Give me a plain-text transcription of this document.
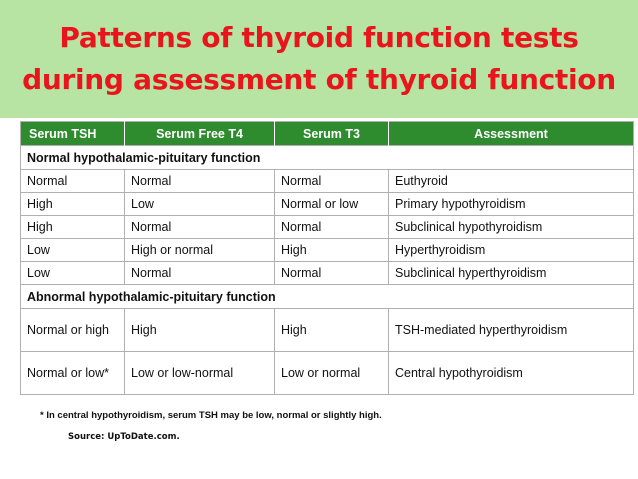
Patterns of thyroid function tests
during assessment of thyroid function
Serum TSH	Serum Free T4	Serum T3	Assessment
Normal hypothalamic-pituitary function			
Normal	Normal	Normal	Euthyroid
High	Low	Normal or low	Primary hypothyroidism
High	Normal	Normal	Subclinical hypothyroidism
Low	High or normal	High	Hyperthyroidism
Low	Normal	Normal	Subclinical hyperthyroidism
Abnormal hypothalamic-pituitary function			
Normal or high	High	High	TSH-mediated hyperthyroidism
Normal or low*	Low or low-normal	Low or normal	Central hypothyroidism
* In central hypothyroidism, serum TSH may be low, normal or slightly high.
Source: UpToDate.com.
